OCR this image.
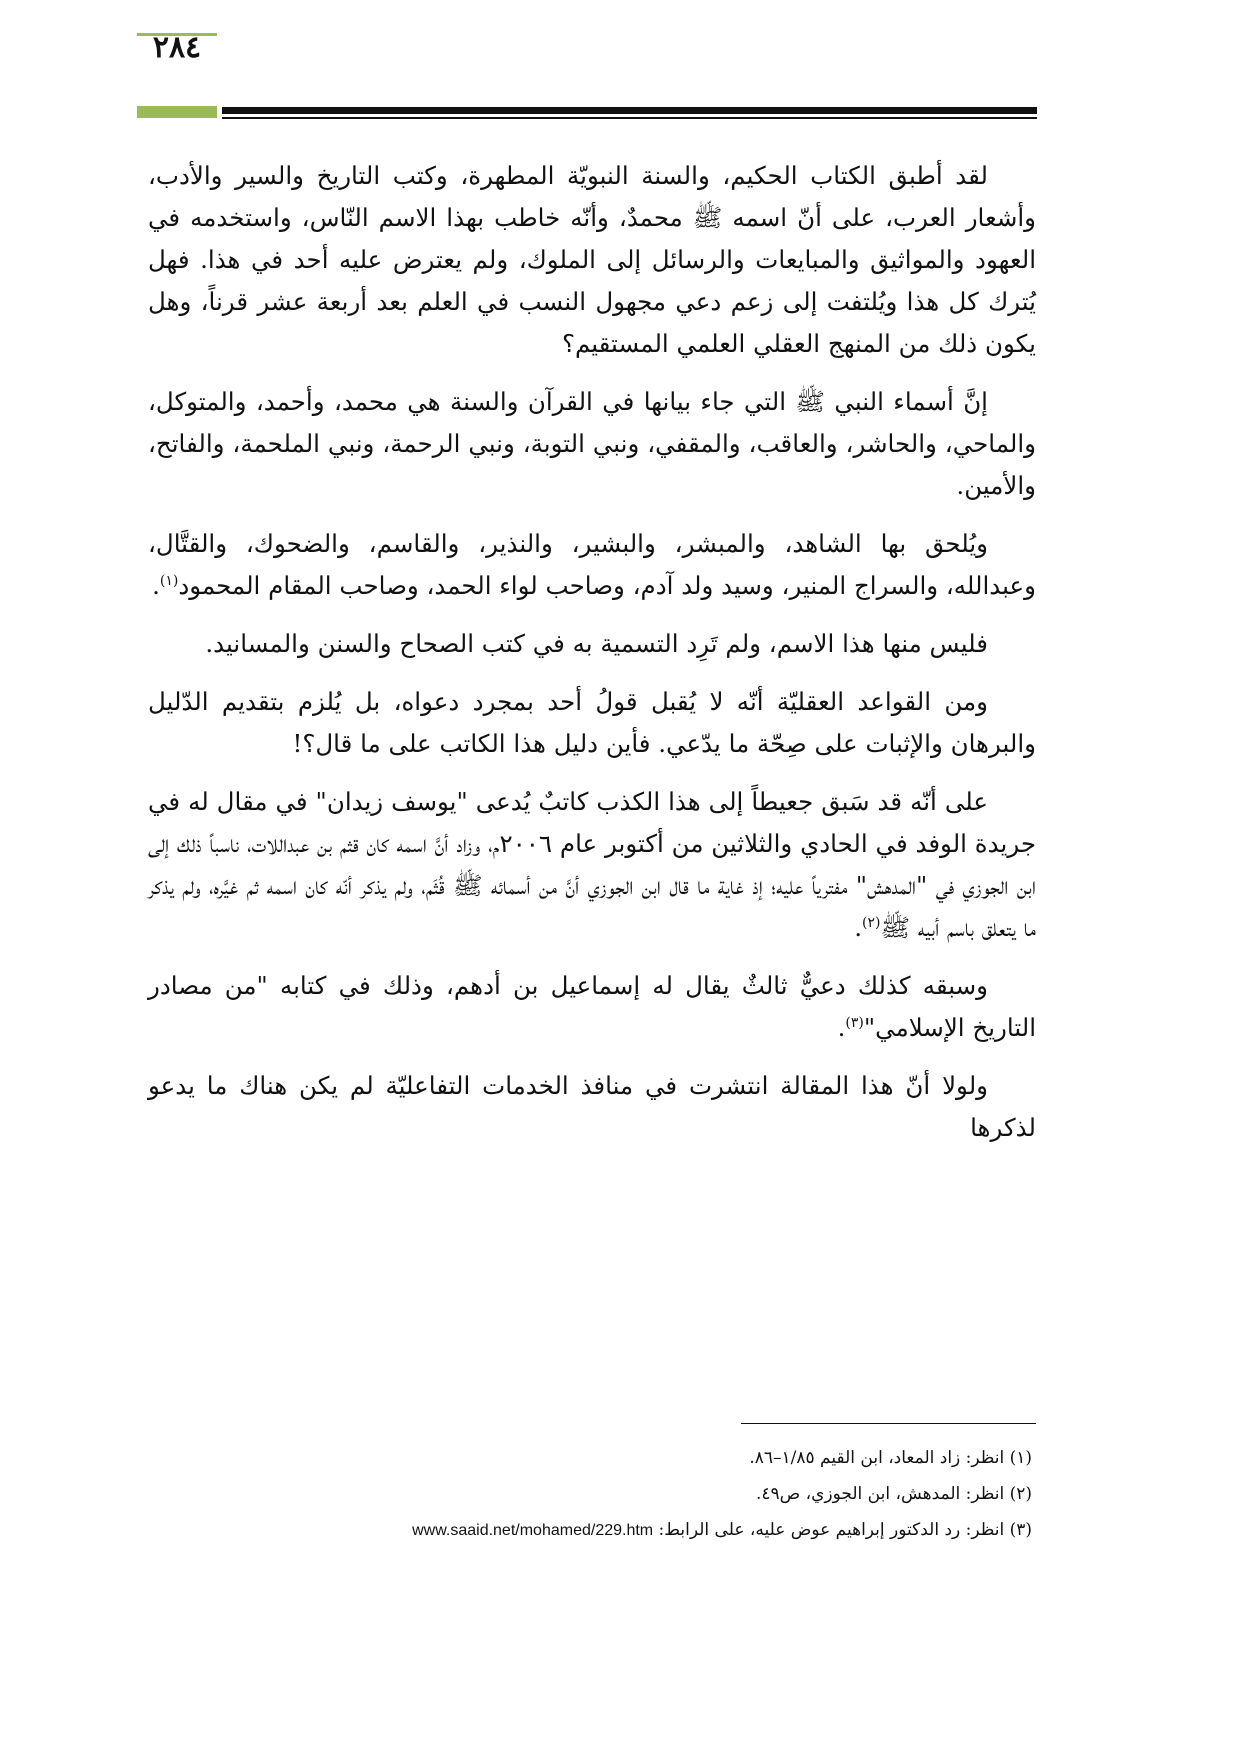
٢٨٤

لقد أطبق الكتاب الحكيم، والسنة النبويّة المطهرة، وكتب التاريخ والسير والأدب، وأشعار العرب، على أنّ اسمه ﷺ محمدٌ، وأنّه خاطب بهذا الاسم النّاس، واستخدمه في العهود والمواثيق والمبايعات والرسائل إلى الملوك، ولم يعترض عليه أحد في هذا. فهل يُترك كل هذا ويُلتفت إلى زعم دعي مجهول النسب في العلم بعد أربعة عشر قرناً، وهل يكون ذلك من المنهج العقلي العلمي المستقيم؟

إنَّ أسماء النبي ﷺ التي جاء بيانها في القرآن والسنة هي محمد، وأحمد، والمتوكل، والماحي، والحاشر، والعاقب، والمقفي، ونبي التوبة، ونبي الرحمة، ونبي الملحمة، والفاتح، والأمين.

ويُلحق بها الشاهد، والمبشر، والبشير، والنذير، والقاسم، والضحوك، والقتَّال، وعبدالله، والسراج المنير، وسيد ولد آدم، وصاحب لواء الحمد، وصاحب المقام المحمود$^{(١)}$.

فليس منها هذا الاسم، ولم تَرِد التسمية به في كتب الصحاح والسنن والمسانيد.

ومن القواعد العقليّة أنّه لا يُقبل قولُ أحد بمجرد دعواه، بل يُلزم بتقديم الدّليل والبرهان والإثبات على صِحّة ما يدّعي. فأين دليل هذا الكاتب على ما قال؟!

على أنّه قد سَبق جعيطاً إلى هذا الكذب كاتبٌ يُدعى "يوسف زيدان" في مقال له في جريدة الوفد في الحادي والثلاثين من أكتوبر عام ٢٠٠٦م، وزاد أنَّ اسمه كان قثم بن عبداللات، ناسباً ذلك إلى ابن الجوزي في "المدهش" مفترياً عليه؛ إذ غاية ما قال ابن الجوزي أنَّ من أسمائه ﷺ قُثَم، ولم يذكر أنّه كان اسمه ثم غيَّره، ولم يذكر ما يتعلق باسم أبيه ﷺ$^{(٢)}$.

وسبقه كذلك دعيٌّ ثالثٌ يقال له إسماعيل بن أدهم، وذلك في كتابه "من مصادر التاريخ الإسلامي"$^{(٣)}$.

ولولا أنّ هذا المقالة انتشرت في منافذ الخدمات التفاعليّة لم يكن هناك ما يدعو لذكرها

(١) انظر: زاد المعاد، ابن القيم ١/٨٥–٨٦.

(٢) انظر: المدهش، ابن الجوزي، ص٤٩.

(٣) انظر: رد الدكتور إبراهيم عوض عليه، على الرابط: www.saaid.net/mohamed/229.htm
